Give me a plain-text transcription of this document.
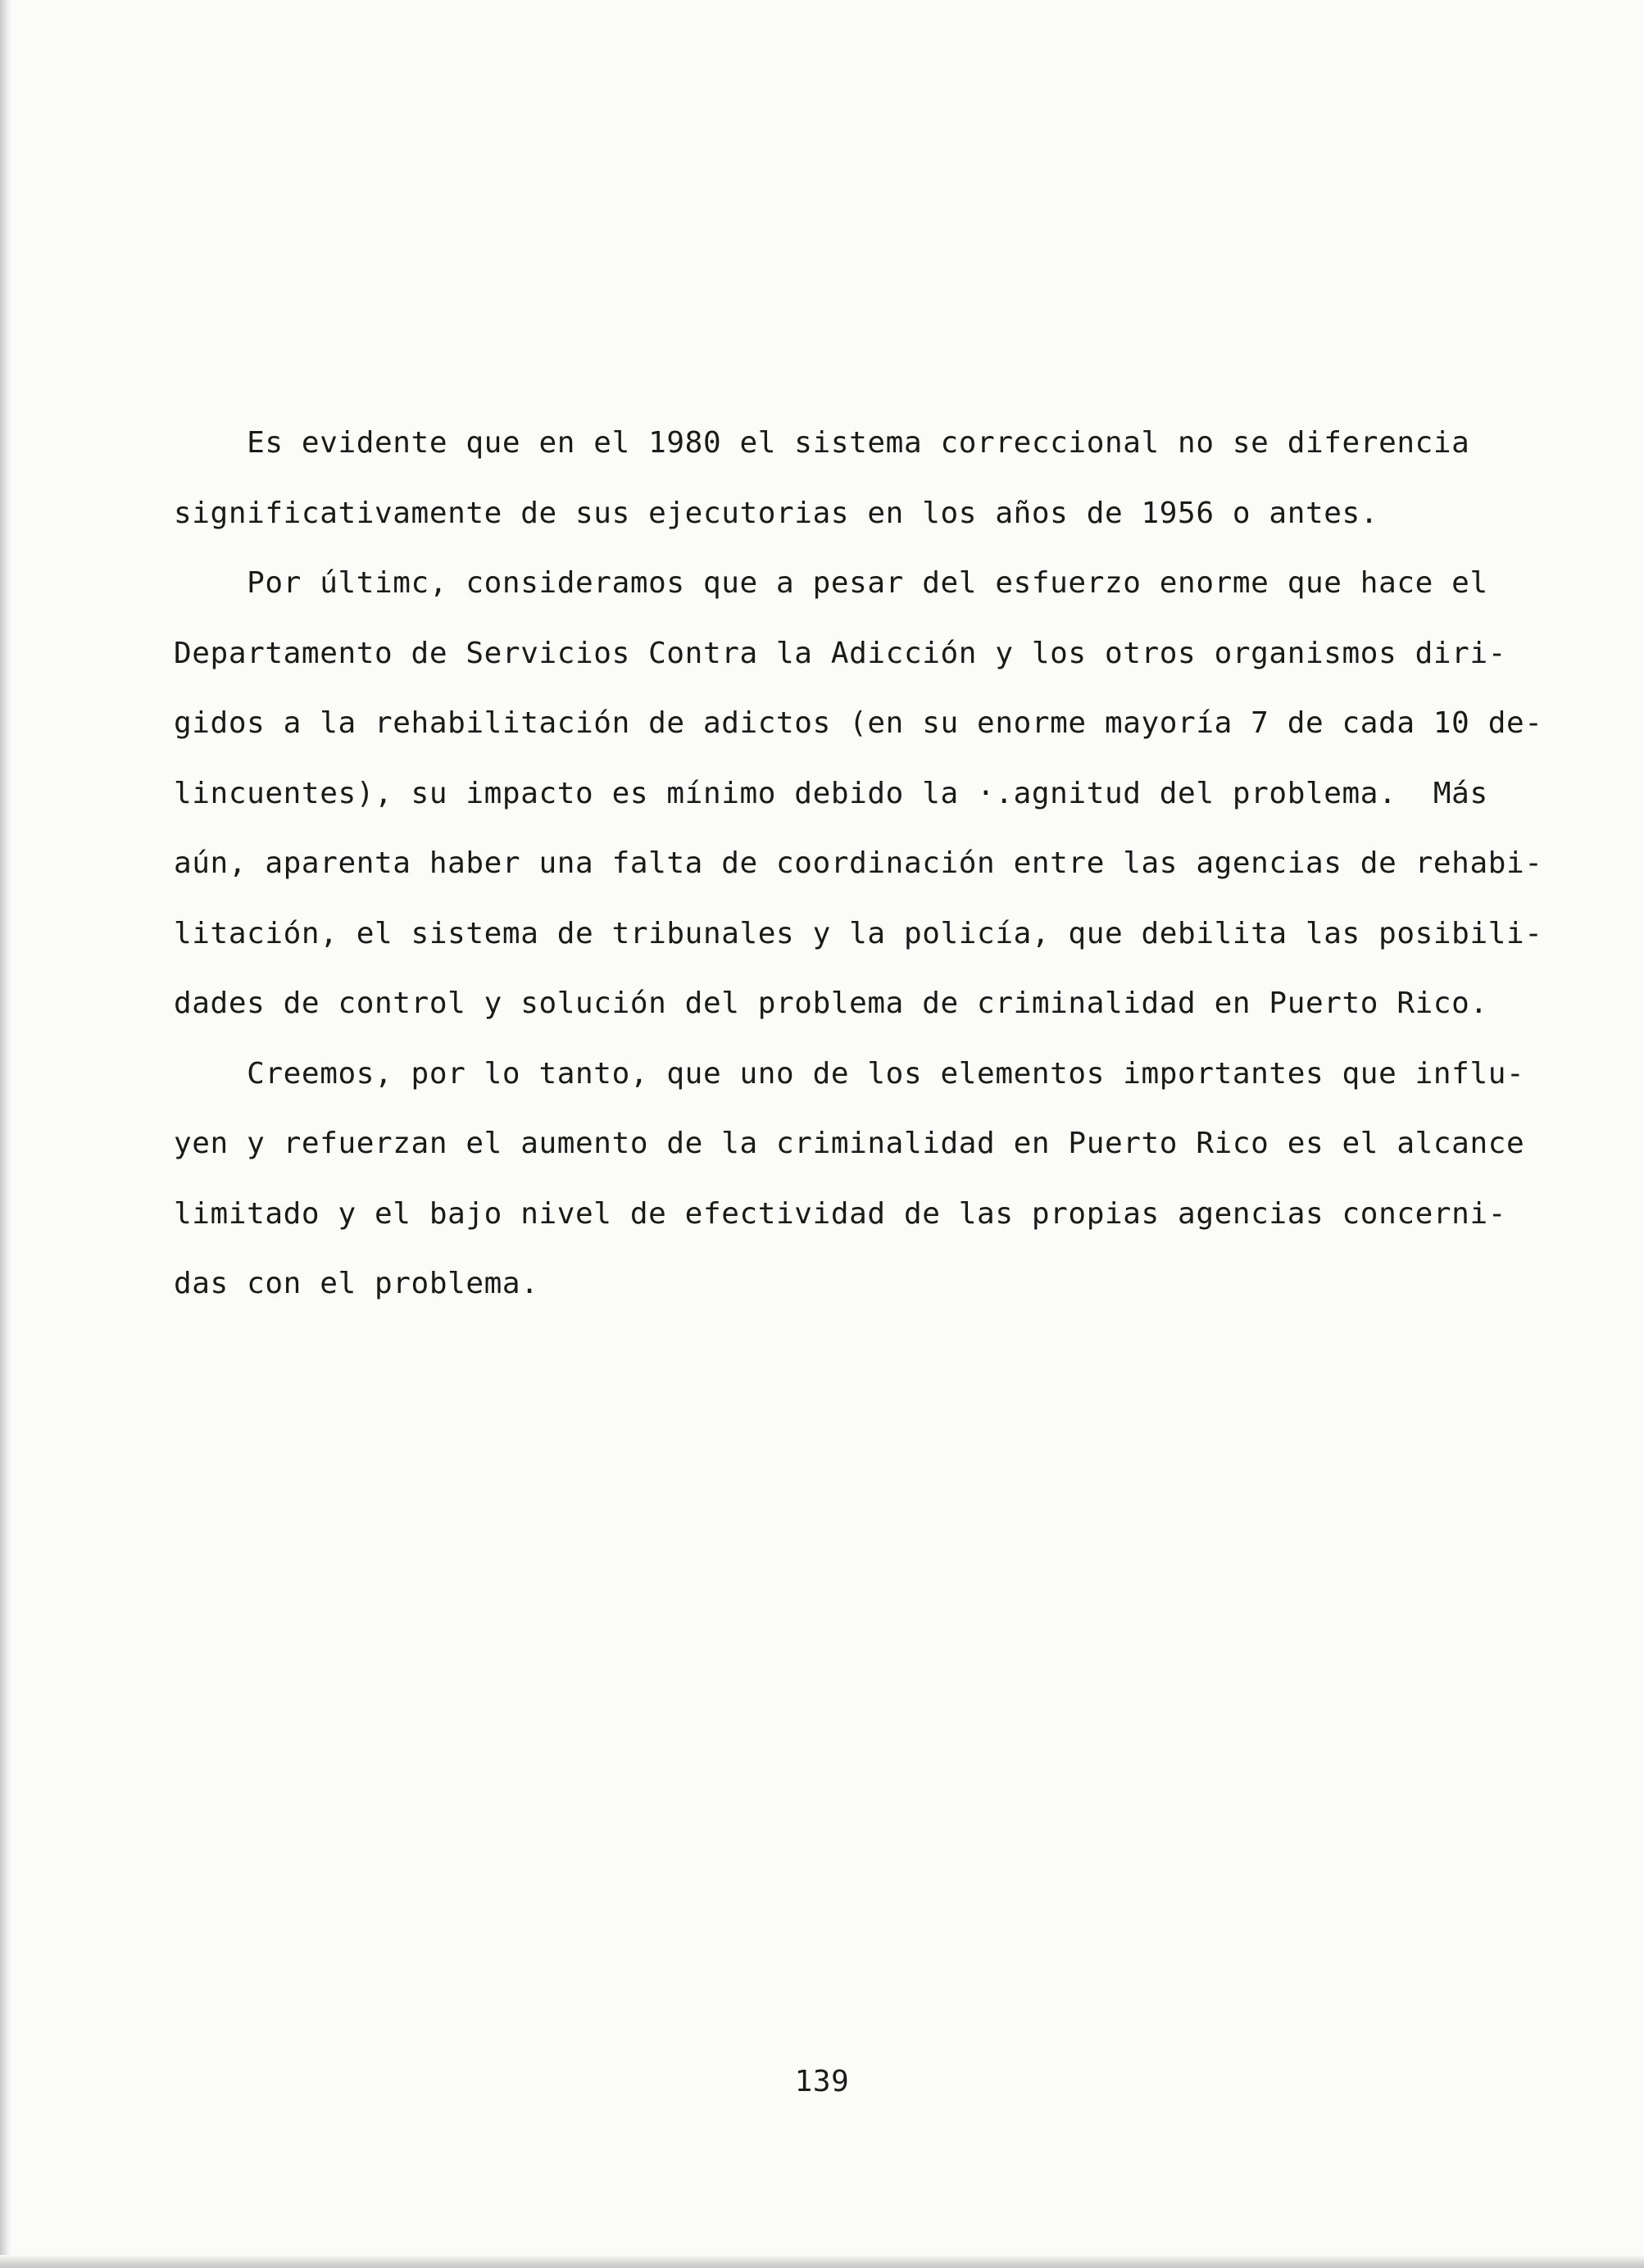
Es evidente que en el 1980 el sistema correccional no se diferencia
significativamente de sus ejecutorias en los años de 1956 o antes.
Por últimc, consideramos que a pesar del esfuerzo enorme que hace el
Departamento de Servicios Contra la Adicción y los otros organismos diri-
gidos a la rehabilitación de adictos (en su enorme mayoría 7 de cada 10 de-
lincuentes), su impacto es mínimo debido la ·.agnitud del problema.  Más
aún, aparenta haber una falta de coordinación entre las agencias de rehabi-
litación, el sistema de tribunales y la policía, que debilita las posibili-
dades de control y solución del problema de criminalidad en Puerto Rico.
Creemos, por lo tanto, que uno de los elementos importantes que influ-
yen y refuerzan el aumento de la criminalidad en Puerto Rico es el alcance
limitado y el bajo nivel de efectividad de las propias agencias concerni-
das con el problema.
139
